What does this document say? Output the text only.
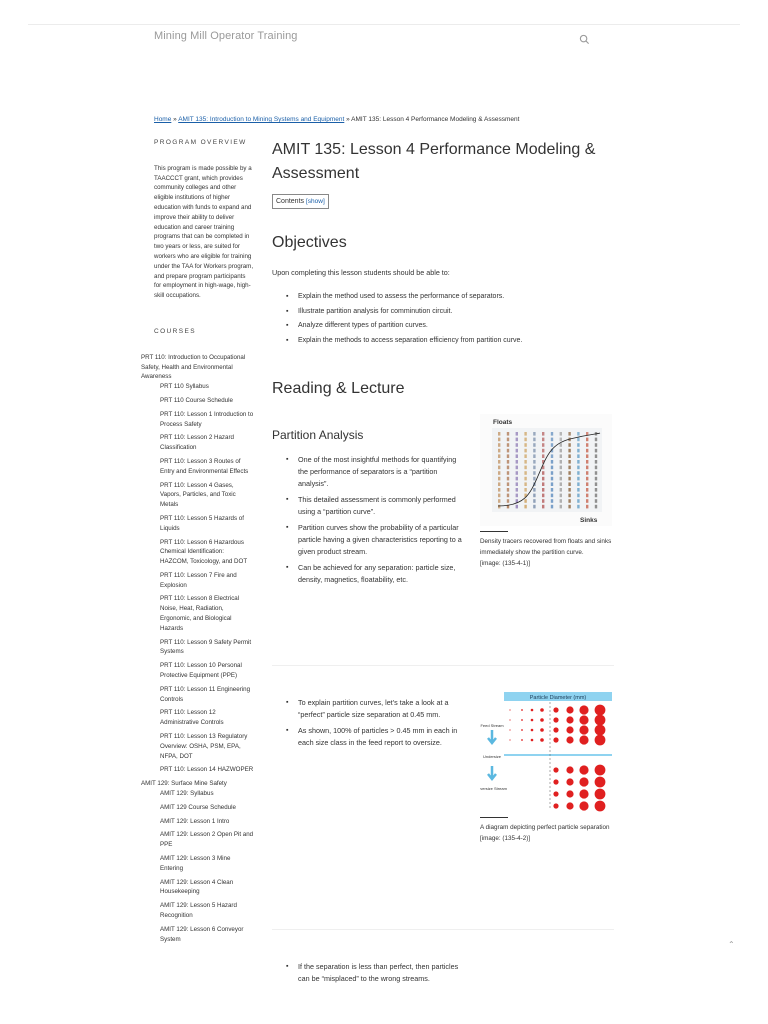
Mining Mill Operator Training
Home » AMIT 135: Introduction to Mining Systems and Equipment » AMIT 135: Lesson 4 Performance Modeling & Assessment
PROGRAM OVERVIEW
This program is made possible by a TAACCCT grant, which provides community colleges and other eligible institutions of higher education with funds to expand and improve their ability to deliver education and career training programs that can be completed in two years or less, are suited for workers who are eligible for training under the TAA for Workers program, and prepare program participants for employment in high-wage, high-skill occupations.
COURSES
PRT 110: Introduction to Occupational Safety, Health and Environmental Awareness
PRT 110 Syllabus
PRT 110 Course Schedule
PRT 110: Lesson 1 Introduction to Process Safety
PRT 110: Lesson 2 Hazard Classification
PRT 110: Lesson 3 Routes of Entry and Environmental Effects
PRT 110: Lesson 4 Gases, Vapors, Particles, and Toxic Metals
PRT 110: Lesson 5 Hazards of Liquids
PRT 110: Lesson 6 Hazardous Chemical Identification: HAZCOM, Toxicology, and DOT
PRT 110: Lesson 7 Fire and Explosion
PRT 110: Lesson 8 Electrical Noise, Heat, Radiation, Ergonomic, and Biological Hazards
PRT 110: Lesson 9 Safety Permit Systems
PRT 110: Lesson 10 Personal Protective Equipment (PPE)
PRT 110: Lesson 11 Engineering Controls
PRT 110: Lesson 12 Administrative Controls
PRT 110: Lesson 13 Regulatory Overview: OSHA, PSM, EPA, NFPA, DOT
PRT 110: Lesson 14 HAZWOPER
AMIT 129: Surface Mine Safety
AMIT 129: Syllabus
AMIT 129 Course Schedule
AMIT 129: Lesson 1 Intro
AMIT 129: Lesson 2 Open Pit and PPE
AMIT 129: Lesson 3 Mine Entering
AMIT 129: Lesson 4 Clean Housekeeping
AMIT 129: Lesson 5 Hazard Recognition
AMIT 129: Lesson 6 Conveyor System
AMIT 135: Lesson 4 Performance Modeling & Assessment
Contents [show]
Objectives

Upon completing this lesson students should be able to:

▪ Explain the method used to assess the performance of separators.
▪ Illustrate partition analysis for comminution circuit.
▪ Analyze different types of partition curves.
▪ Explain the methods to access separation efficiency from partition curve.
Reading & Lecture
Partition Analysis
▪ One of the most insightful methods for quantifying the performance of separators is a “partition analysis”.
▪ This detailed assessment is commonly performed using a “partition curve”.
▪ Partition curves show the probability of a particular particle having a given characteristics reporting to a given product stream.
▪ Can be achieved for any separation: particle size, density, magnetics, floatability, etc.
Floats
Sinks
Density tracers recovered from floats and sinks immediately show the partition curve.
[image: (135-4-1)]
▪ To explain partition curves, let’s take a look at a “perfect” particle size separation at 0.45 mm.
▪ As shown, 100% of particles > 0.45 mm in each in each size class in the feed report to oversize.
Particle Diameter (mm)
Feed Stream
Undersize
Oversize Stream
A diagram depicting perfect particle separation
[image: (135-4-2)]
▪ If the separation is less than perfect, then particles can be “misplaced” to the wrong streams.
⌃
